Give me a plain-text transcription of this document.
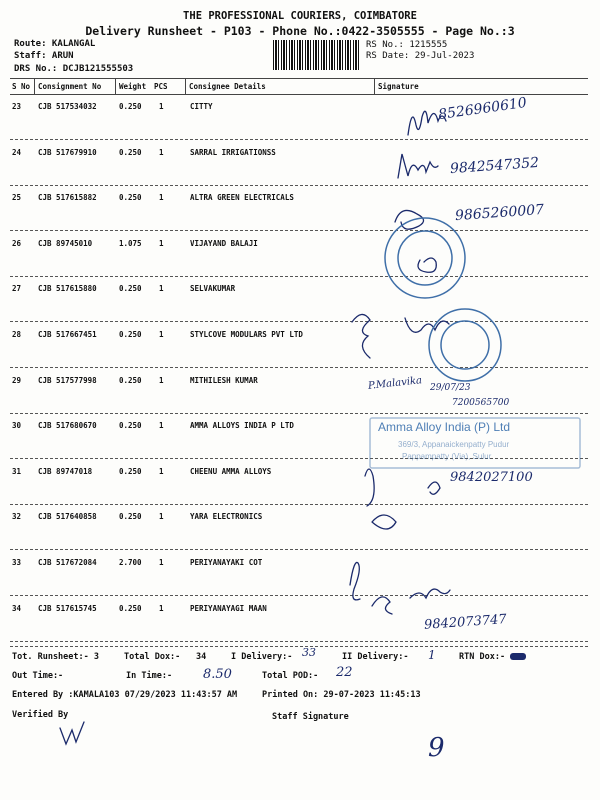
THE PROFESSIONAL COURIERS, COIMBATORE
Delivery Runsheet - P103 - Phone No.:0422-3505555 - Page No.:3
Route: KALANGAL
Staff: ARUN
DRS No.: DCJB121555503
RS No.: 1215555
RS Date: 29-Jul-2023
S No Consignment No Weight PCS	Consignee Details	Signature
23 CJB 517534032	0.250 1	CITTY
24 CJB 517679910	0.250 1	SARRAL IRRIGATIONSS
25 CJB 517615882	0.250 1	ALTRA GREEN ELECTRICALS
26 CJB 89745010	1.075 1	VIJAYAND BALAJI
27 CJB 517615880	0.250 1	SELVAKUMAR
28 CJB 517667451	0.250 1	STYLCOVE MODULARS PVT LTD
29 CJB 517577998	0.250 1	MITHILESH KUMAR
30 CJB 517680670	0.250 1	AMMA ALLOYS INDIA P LTD
31 CJB 89747018	0.250 1	CHEENU AMMA ALLOYS
32 CJB 517640858	0.250 1	YARA ELECTRONICS
33 CJB 517672084	2.700 1	PERIYANAYAKI COT
34 CJB 517615745	0.250 1	PERIYANAYAGI MAAN
8526960610
9842547352
9865260007
P.Malavika 29/07/23
7200565700
9842027100
9842073747
Amma Alloy India (P) Ltd
369/3, Appanaickenpatty Pudur
Pappampatty (Via), Sulur
Tot. Runsheet:- 3	Total Dox:- 34	I Delivery:- 33	II Delivery:- 1	RTN Dox:-
Out Time:-	In Time:- 8.50	Total POD:- 22
Entered By :KAMALA103 07/29/2023 11:43:57 AM	Printed On: 29-07-2023 11:45:13
Verified By	Staff Signature
9
